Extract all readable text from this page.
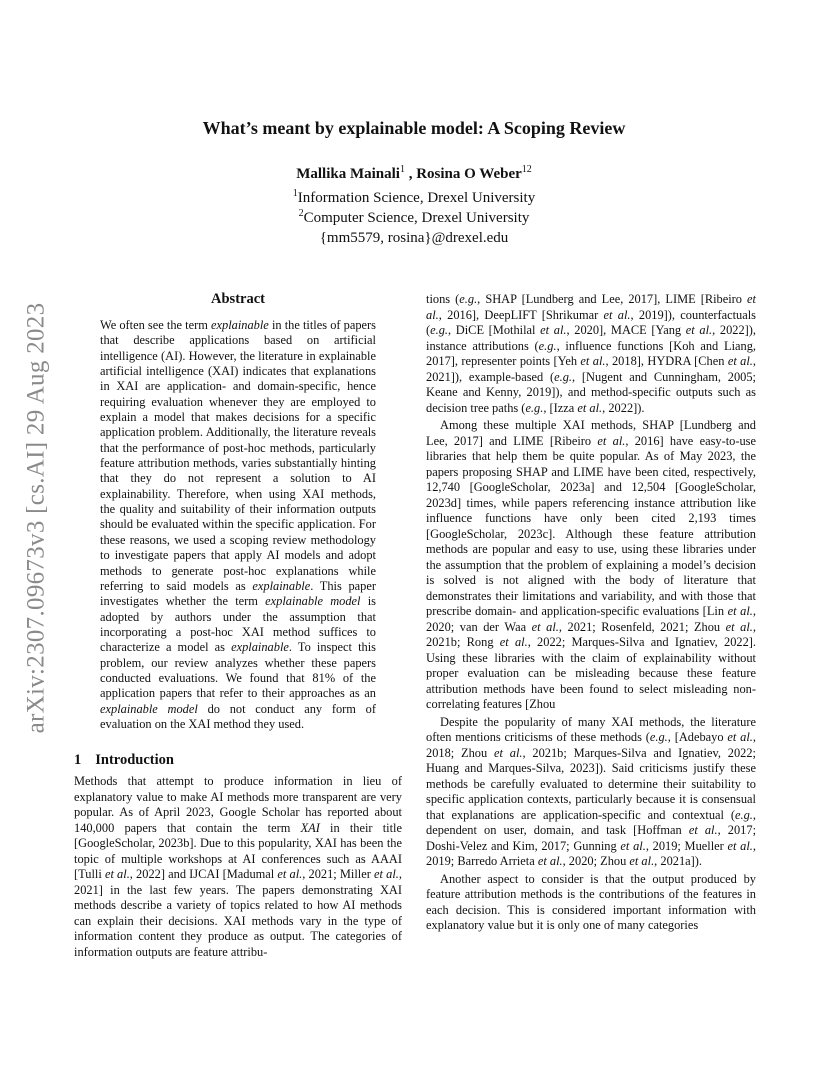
arXiv:2307.09673v3 [cs.AI] 29 Aug 2023
What’s meant by explainable model: A Scoping Review
Mallika Mainali$^1$ , Rosina O Weber$^{12}$
$^1$Information Science, Drexel University
$^2$Computer Science, Drexel University
{mm5579, rosina}@drexel.edu
Abstract
We often see the term explainable in the titles of papers that describe applications based on artificial intelligence (AI). However, the literature in explainable artificial intelligence (XAI) indicates that explanations in XAI are application- and domain-specific, hence requiring evaluation whenever they are employed to explain a model that makes decisions for a specific application problem. Additionally, the literature reveals that the performance of post-hoc methods, particularly feature attribution methods, varies substantially hinting that they do not represent a solution to AI explainability. Therefore, when using XAI methods, the quality and suitability of their information outputs should be evaluated within the specific application. For these reasons, we used a scoping review methodology to investigate papers that apply AI models and adopt methods to generate post-hoc explanations while referring to said models as explainable. This paper investigates whether the term explainable model is adopted by authors under the assumption that incorporating a post-hoc XAI method suffices to characterize a model as explainable. To inspect this problem, our review analyzes whether these papers conducted evaluations. We found that 81% of the application papers that refer to their approaches as an explainable model do not conduct any form of evaluation on the XAI method they used.
1 Introduction

Methods that attempt to produce information in lieu of explanatory value to make AI methods more transparent are very popular. As of April 2023, Google Scholar has reported about 140,000 papers that contain the term XAI in their title [GoogleScholar, 2023b]. Due to this popularity, XAI has been the topic of multiple workshops at AI conferences such as AAAI [Tulli et al., 2022] and IJCAI [Madumal et al., 2021; Miller et al., 2021] in the last few years. The papers demonstrating XAI methods describe a variety of topics related to how AI methods can explain their decisions. XAI methods vary in the type of information content they produce as output. The categories of information outputs are feature attribu-

tions (e.g., SHAP [Lundberg and Lee, 2017], LIME [Ribeiro et al., 2016], DeepLIFT [Shrikumar et al., 2019]), counterfactuals (e.g., DiCE [Mothilal et al., 2020], MACE [Yang et al., 2022]), instance attributions (e.g., influence functions [Koh and Liang, 2017], representer points [Yeh et al., 2018], HYDRA [Chen et al., 2021]), example-based (e.g., [Nugent and Cunningham, 2005; Keane and Kenny, 2019]), and method-specific outputs such as decision tree paths (e.g., [Izza et al., 2022]).

Among these multiple XAI methods, SHAP [Lundberg and Lee, 2017] and LIME [Ribeiro et al., 2016] have easy-to-use libraries that help them be quite popular. As of May 2023, the papers proposing SHAP and LIME have been cited, respectively, 12,740 [GoogleScholar, 2023a] and 12,504 [GoogleScholar, 2023d] times, while papers referencing instance attribution like influence functions have only been cited 2,193 times [GoogleScholar, 2023c]. Although these feature attribution methods are popular and easy to use, using these libraries under the assumption that the problem of explaining a model’s decision is solved is not aligned with the body of literature that demonstrates their limitations and variability, and with those that prescribe domain- and application-specific evaluations [Lin et al., 2020; van der Waa et al., 2021; Rosenfeld, 2021; Zhou et al., 2021b; Rong et al., 2022; Marques-Silva and Ignatiev, 2022]. Using these libraries with the claim of explainability without proper evaluation can be misleading because these feature attribution methods have been found to select misleading non-correlating features [Zhou

Despite the popularity of many XAI methods, the literature often mentions criticisms of these methods (e.g., [Adebayo et al., 2018; Zhou et al., 2021b; Marques-Silva and Ignatiev, 2022; Huang and Marques-Silva, 2023]). Said criticisms justify these methods be carefully evaluated to determine their suitability to specific application contexts, particularly because it is consensual that explanations are application-specific and contextual (e.g., dependent on user, domain, and task [Hoffman et al., 2017; Doshi-Velez and Kim, 2017; Gunning et al., 2019; Mueller et al., 2019; Barredo Arrieta et al., 2020; Zhou et al., 2021a]).

Another aspect to consider is that the output produced by feature attribution methods is the contributions of the features in each decision. This is considered important information with explanatory value but it is only one of many categories
